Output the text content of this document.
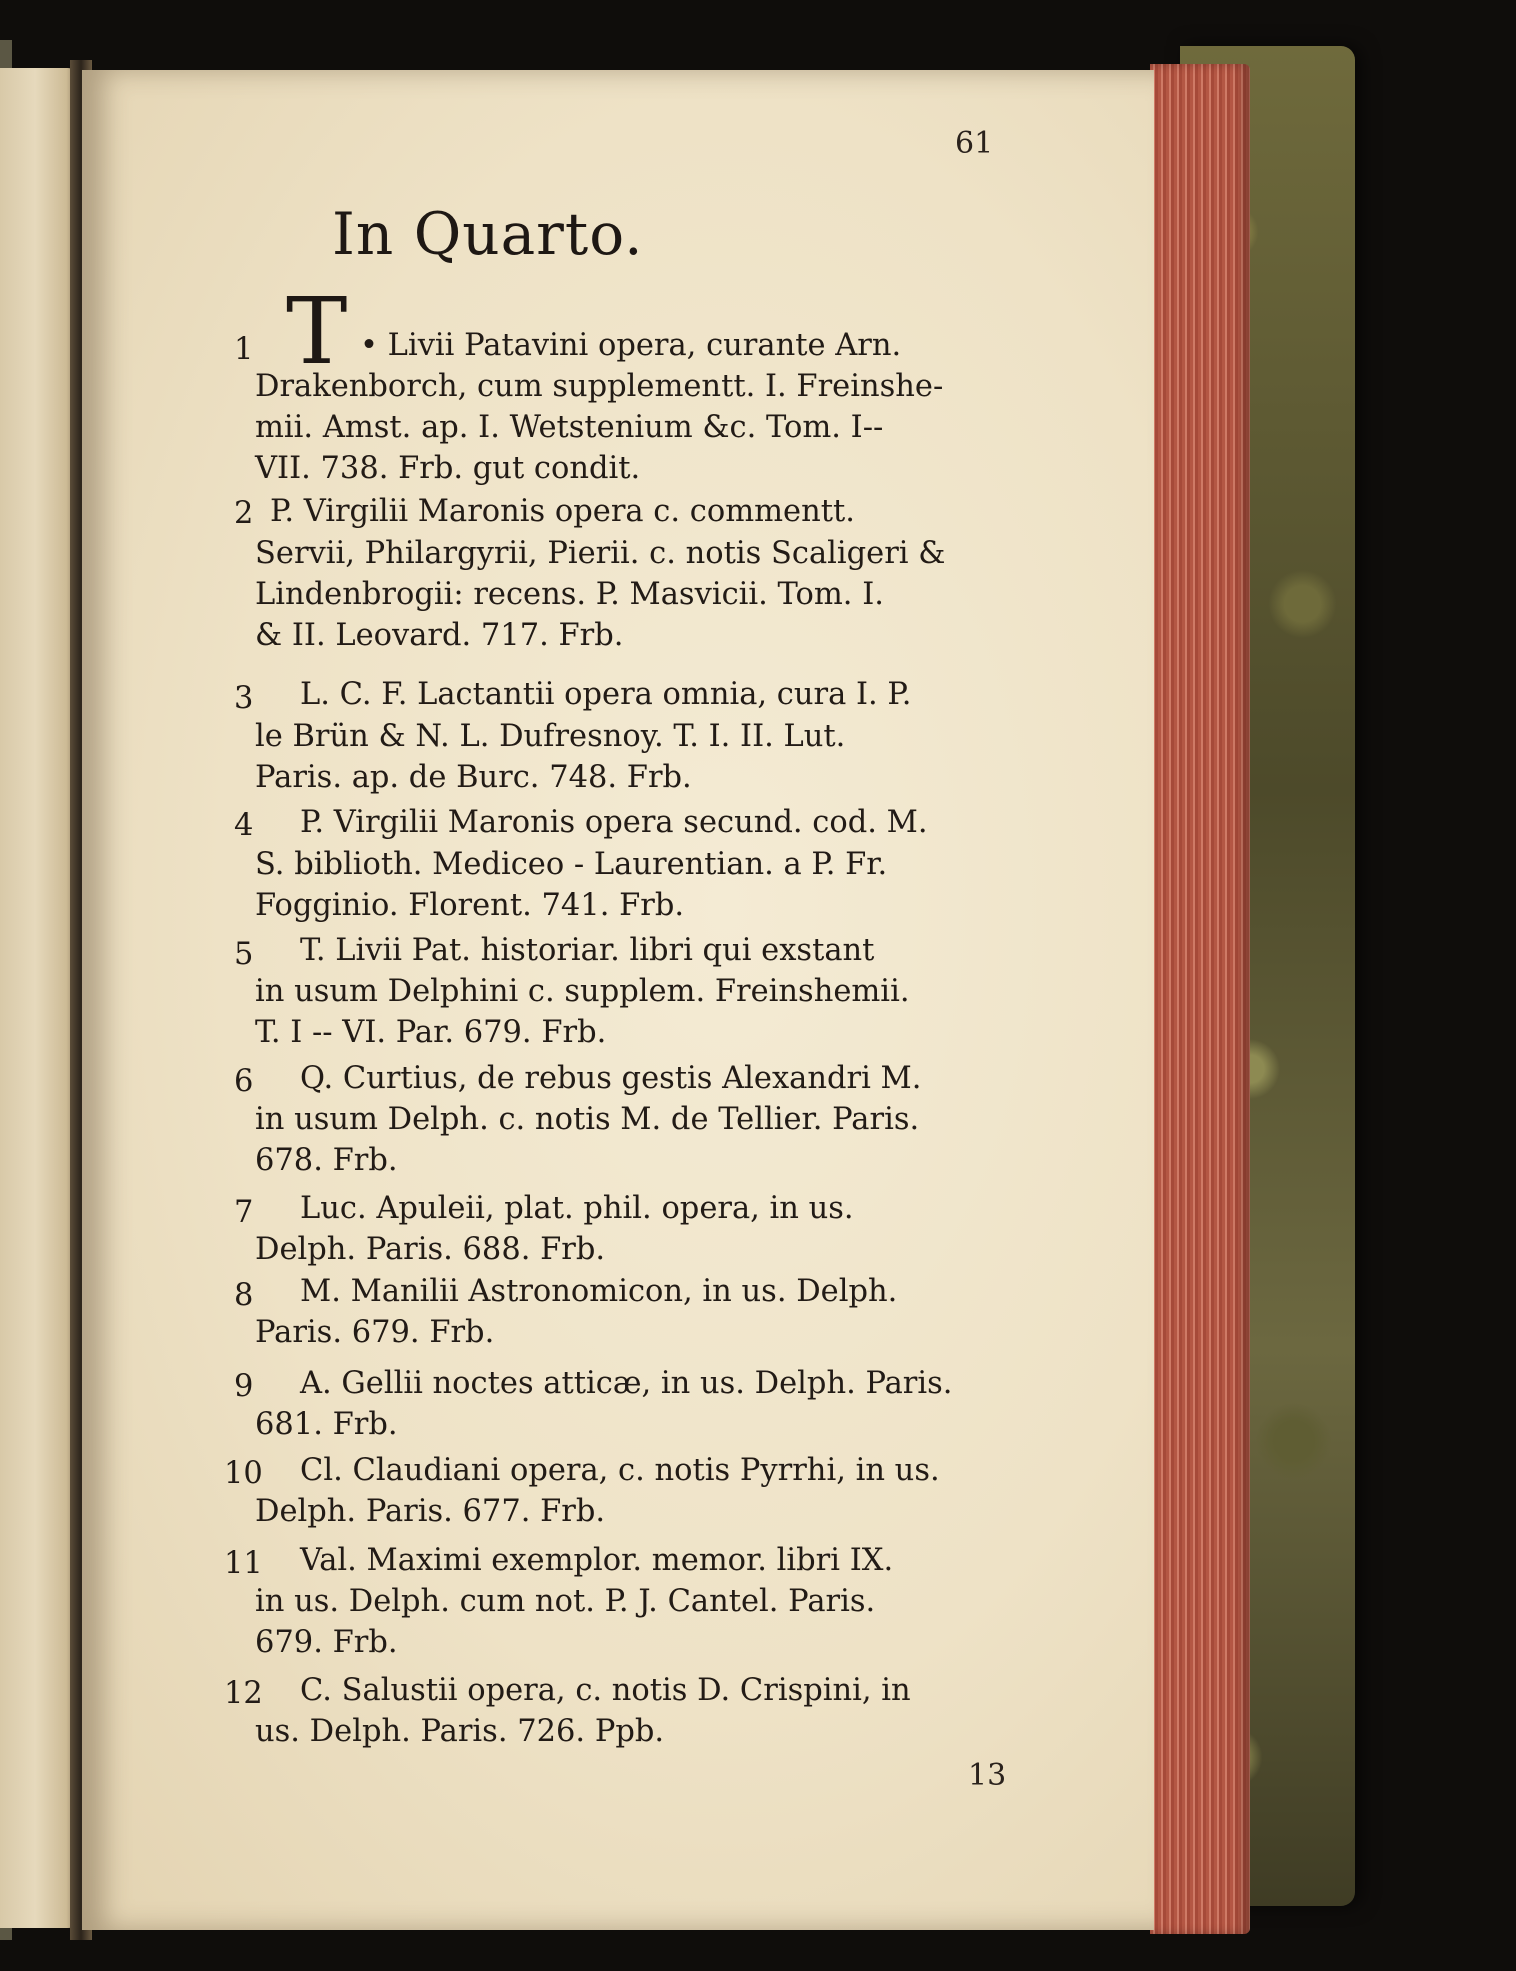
61
In Quarto.
T
1	• Livii Patavini opera, curante Arn.
Drakenborch, cum supplementt. I. Freinshe-
mii. Amst. ap. I. Wetstenium &c. Tom. I--
VII. 738. Frb. gut condit.
2 P. Virgilii Maronis opera c. commentt.
Servii, Philargyrii, Pierii. c. notis Scaligeri &
Lindenbrogii: recens. P. Masvicii. Tom. I.
& II. Leovard. 717. Frb.
3 L. C. F. Lactantii opera omnia, cura I. P.
le Brün & N. L. Dufresnoy. T. I. II. Lut.
Paris. ap. de Burc. 748. Frb.
4 P. Virgilii Maronis opera secund. cod. M.
S. biblioth. Mediceo - Laurentian. a P. Fr.
Fogginio. Florent. 741. Frb.
5 T. Livii Pat. historiar. libri qui exstant
in usum Delphini c. supplem. Freinshemii.
T. I -- VI. Par. 679. Frb.
6 Q. Curtius, de rebus gestis Alexandri M.
in usum Delph. c. notis M. de Tellier. Paris.
678. Frb.
7 Luc. Apuleii, plat. phil. opera, in us.
Delph. Paris. 688. Frb.
8 M. Manilii Astronomicon, in us. Delph.
Paris. 679. Frb.
9 A. Gellii noctes atticæ, in us. Delph. Paris.
681. Frb.
10 Cl. Claudiani opera, c. notis Pyrrhi, in us.
Delph. Paris. 677. Frb.
11 Val. Maximi exemplor. memor. libri IX.
in us. Delph. cum not. P. J. Cantel. Paris.
679. Frb.
12 C. Salustii opera, c. notis D. Crispini, in
us. Delph. Paris. 726. Ppb.
13
